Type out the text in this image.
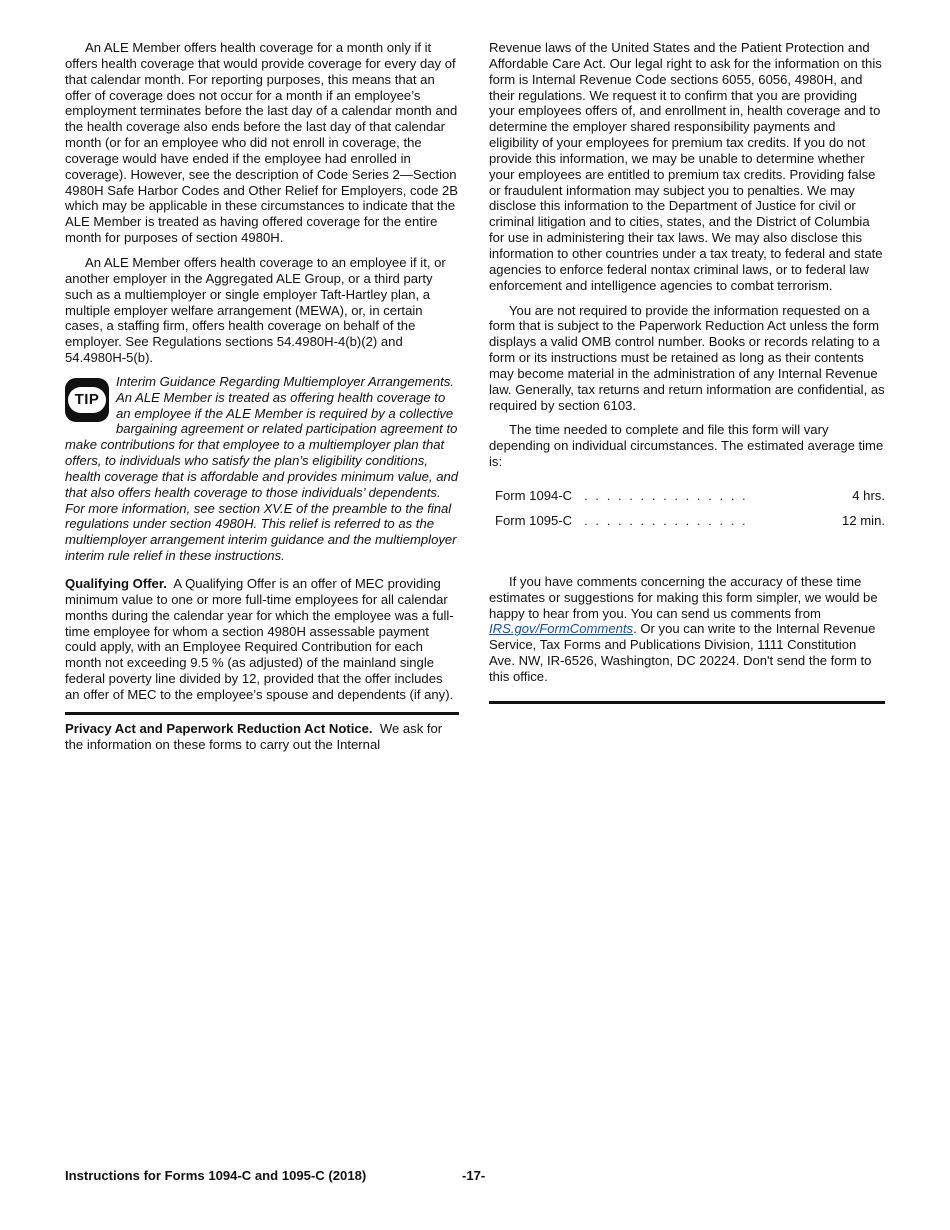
An ALE Member offers health coverage for a month only if it offers health coverage that would provide coverage for every day of that calendar month. For reporting purposes, this means that an offer of coverage does not occur for a month if an employee’s employment terminates before the last day of a calendar month and the health coverage also ends before the last day of that calendar month (or for an employee who did not enroll in coverage, the coverage would have ended if the employee had enrolled in coverage). However, see the description of Code Series 2—Section 4980H Safe Harbor Codes and Other Relief for Employers, code 2B which may be applicable in these circumstances to indicate that the ALE Member is treated as having offered coverage for the entire month for purposes of section 4980H.

An ALE Member offers health coverage to an employee if it, or another employer in the Aggregated ALE Group, or a third party such as a multiemployer or single employer Taft-Hartley plan, a multiple employer welfare arrangement (MEWA), or, in certain cases, a staffing firm, offers health coverage on behalf of the employer. See Regulations sections 54.4980H-4(b)(2) and 54.4980H-5(b).

TIP

Interim Guidance Regarding Multiemployer Arrangements. An ALE Member is treated as offering health coverage to an employee if the ALE Member is required by a collective bargaining agreement or related participation agreement to make contributions for that employee to a multiemployer plan that offers, to individuals who satisfy the plan’s eligibility conditions, health coverage that is affordable and provides minimum value, and that also offers health coverage to those individuals’ dependents. For more information, see section XV.E of the preamble to the final regulations under section 4980H. This relief is referred to as the multiemployer arrangement interim guidance and the multiemployer interim rule relief in these instructions.

Qualifying Offer. A Qualifying Offer is an offer of MEC providing minimum value to one or more full-time employees for all calendar months during the calendar year for which the employee was a full-time employee for whom a section 4980H assessable payment could apply, with an Employee Required Contribution for each month not exceeding 9.5 % (as adjusted) of the mainland single federal poverty line divided by 12, provided that the offer includes an offer of MEC to the employee’s spouse and dependents (if any).

Privacy Act and Paperwork Reduction Act Notice. We ask for the information on these forms to carry out the Internal

Revenue laws of the United States and the Patient Protection and Affordable Care Act. Our legal right to ask for the information on this form is Internal Revenue Code sections 6055, 6056, 4980H, and their regulations. We request it to confirm that you are providing your employees offers of, and enrollment in, health coverage and to determine the employer shared responsibility payments and eligibility of your employees for premium tax credits. If you do not provide this information, we may be unable to determine whether your employees are entitled to premium tax credits. Providing false or fraudulent information may subject you to penalties. We may disclose this information to the Department of Justice for civil or criminal litigation and to cities, states, and the District of Columbia for use in administering their tax laws. We may also disclose this information to other countries under a tax treaty, to federal and state agencies to enforce federal nontax criminal laws, or to federal law enforcement and intelligence agencies to combat terrorism.

You are not required to provide the information requested on a form that is subject to the Paperwork Reduction Act unless the form displays a valid OMB control number. Books or records relating to a form or its instructions must be retained as long as their contents may become material in the administration of any Internal Revenue law. Generally, tax returns and return information are confidential, as required by section 6103.

The time needed to complete and file this form will vary depending on individual circumstances. The estimated average time is:

Form 1094-C . . . . . . . . . . . . . . .	4 hrs.
Form 1095-C . . . . . . . . . . . . . . .	12 min.

If you have comments concerning the accuracy of these time estimates or suggestions for making this form simpler, we would be happy to hear from you. You can send us comments from IRS.gov/FormComments. Or you can write to the Internal Revenue Service, Tax Forms and Publications Division, 1111 Constitution Ave. NW, IR-6526, Washington, DC 20224. Don't send the form to this office.

Instructions for Forms 1094-C and 1095-C (2018)	-17-
